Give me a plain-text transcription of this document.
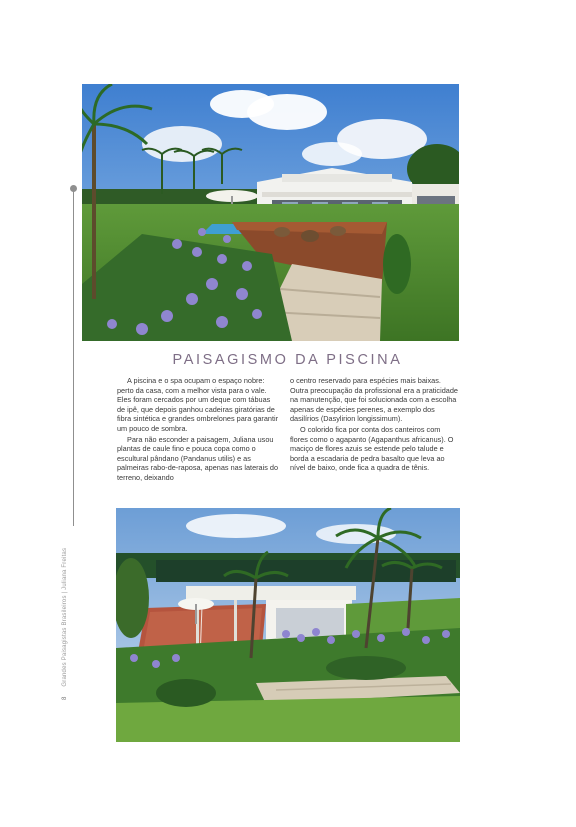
8 Grandes Paisagistas Brasileiros | Juliana Freitas
PAISAGISMO DA PISCINA

A piscina e o spa ocupam o espaço nobre: perto da casa, com a melhor vista para o vale. Eles foram cercados por um deque com tábuas de ipê, que depois ganhou cadeiras giratórias de fibra sintética e grandes ombrelones para garantir um pouco de sombra.

Para não esconder a paisagem, Juliana usou plantas de caule fino e pouca copa como o escultural pândano (Pandanus utilis) e as palmeiras rabo-de-raposa, apenas nas laterais do terreno, deixando

o centro reservado para espécies mais baixas. Outra preocupação da profissional era a praticidade na manutenção, que foi solucionada com a escolha apenas de espécies perenes, a exemplo dos dasilírios (Dasylirion longissimum).

O colorido fica por conta dos canteiros com flores como o agapanto (Agapanthus africanus). O maciço de flores azuis se estende pelo talude e borda a escadaria de pedra basalto que leva ao nível de baixo, onde fica a quadra de tênis.
